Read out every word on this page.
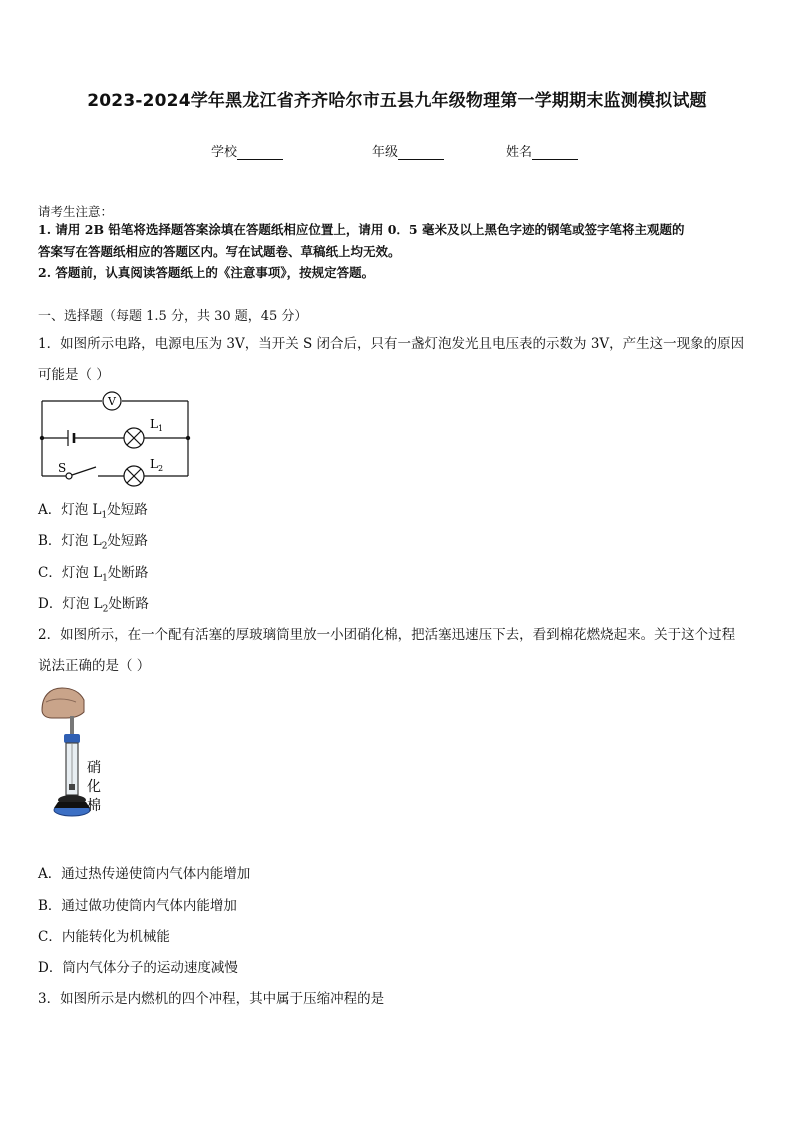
2023-2024学年黑龙江省齐齐哈尔市五县九年级物理第一学期期末监测模拟试题
学校	年级	姓名
请考生注意：
1. 请用 2B 铅笔将选择题答案涂填在答题纸相应位置上，请用 0．5 毫米及以上黑色字迹的钢笔或签字笔将主观题的
答案写在答题纸相应的答题区内。写在试题卷、草稿纸上均无效。
2. 答题前，认真阅读答题纸上的《注意事项》，按规定答题。
一、选择题（每题 1.5 分，共 30 题，45 分）
1．如图所示电路，电源电压为 3V，当开关 S 闭合后，只有一盏灯泡发光且电压表的示数为 3V，产生这一现象的原因
可能是（ ）
V
S
L 1
L 2
A．灯泡 $L_1$处短路
B．灯泡 $L_2$处短路
C．灯泡 $L_1$处断路
D．灯泡 $L_2$处断路
2．如图所示，在一个配有活塞的厚玻璃筒里放一小团硝化棉，把活塞迅速压下去，看到棉花燃烧起来。关于这个过程
说法正确的是（ ）
硝
化
棉
A．通过热传递使筒内气体内能增加
B．通过做功使筒内气体内能增加
C．内能转化为机械能
D．筒内气体分子的运动速度减慢
3．如图所示是内燃机的四个冲程，其中属于压缩冲程的是
